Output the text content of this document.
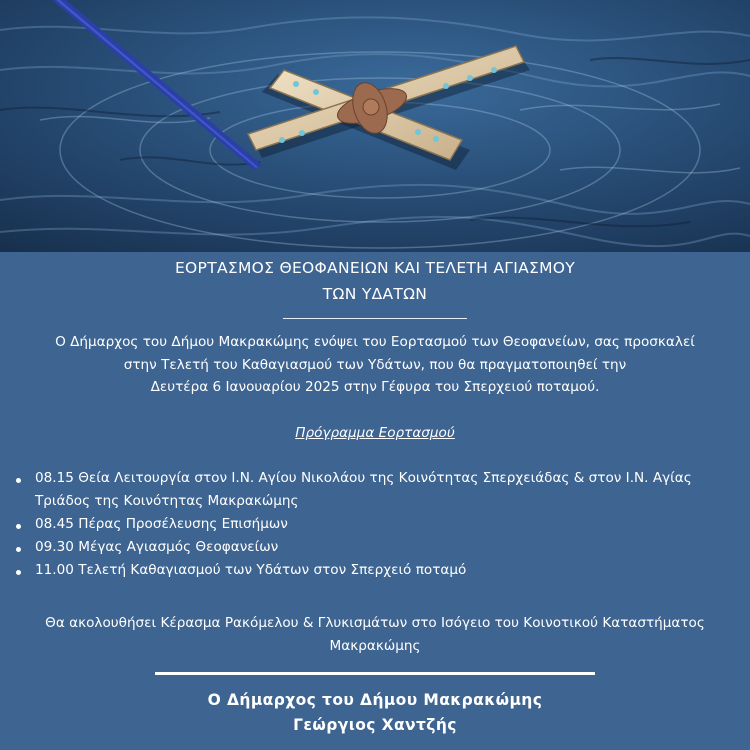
ΕΟΡΤΑΣΜΟΣ ΘΕΟΦΑΝΕΙΩΝ ΚΑΙ ΤΕΛΕΤΗ ΑΓΙΑΣΜΟΥ

ΤΩΝ ΥΔΑΤΩΝ

Ο Δήμαρχος του Δήμου Μακρακώμης ενόψει του Εορτασμού των Θεοφανείων, σας προσκαλεί
στην Τελετή του Καθαγιασμού των Υδάτων, που θα πραγματοποιηθεί την
Δευτέρα 6 Ιανουαρίου 2025 στην Γέφυρα του Σπερχειού ποταμού.
Πρόγραμμα Εορτασμού
08.15 Θεία Λειτουργία στον Ι.Ν. Αγίου Νικολάου της Κοινότητας Σπερχειάδας & στον Ι.Ν. Αγίας
Τριάδος της Κοινότητας Μακρακώμης
08.45 Πέρας Προσέλευσης Επισήμων
09.30 Μέγας Αγιασμός Θεοφανείων
11.00 Τελετή Καθαγιασμού των Υδάτων στον Σπερχειό ποταμό
Θα ακολουθήσει Κέρασμα Ρακόμελου & Γλυκισμάτων στο Ισόγειο του Κοινοτικού Καταστήματος
Μακρακώμης
Ο Δήμαρχος του Δήμου Μακρακώμης
Γεώργιος Χαντζής
